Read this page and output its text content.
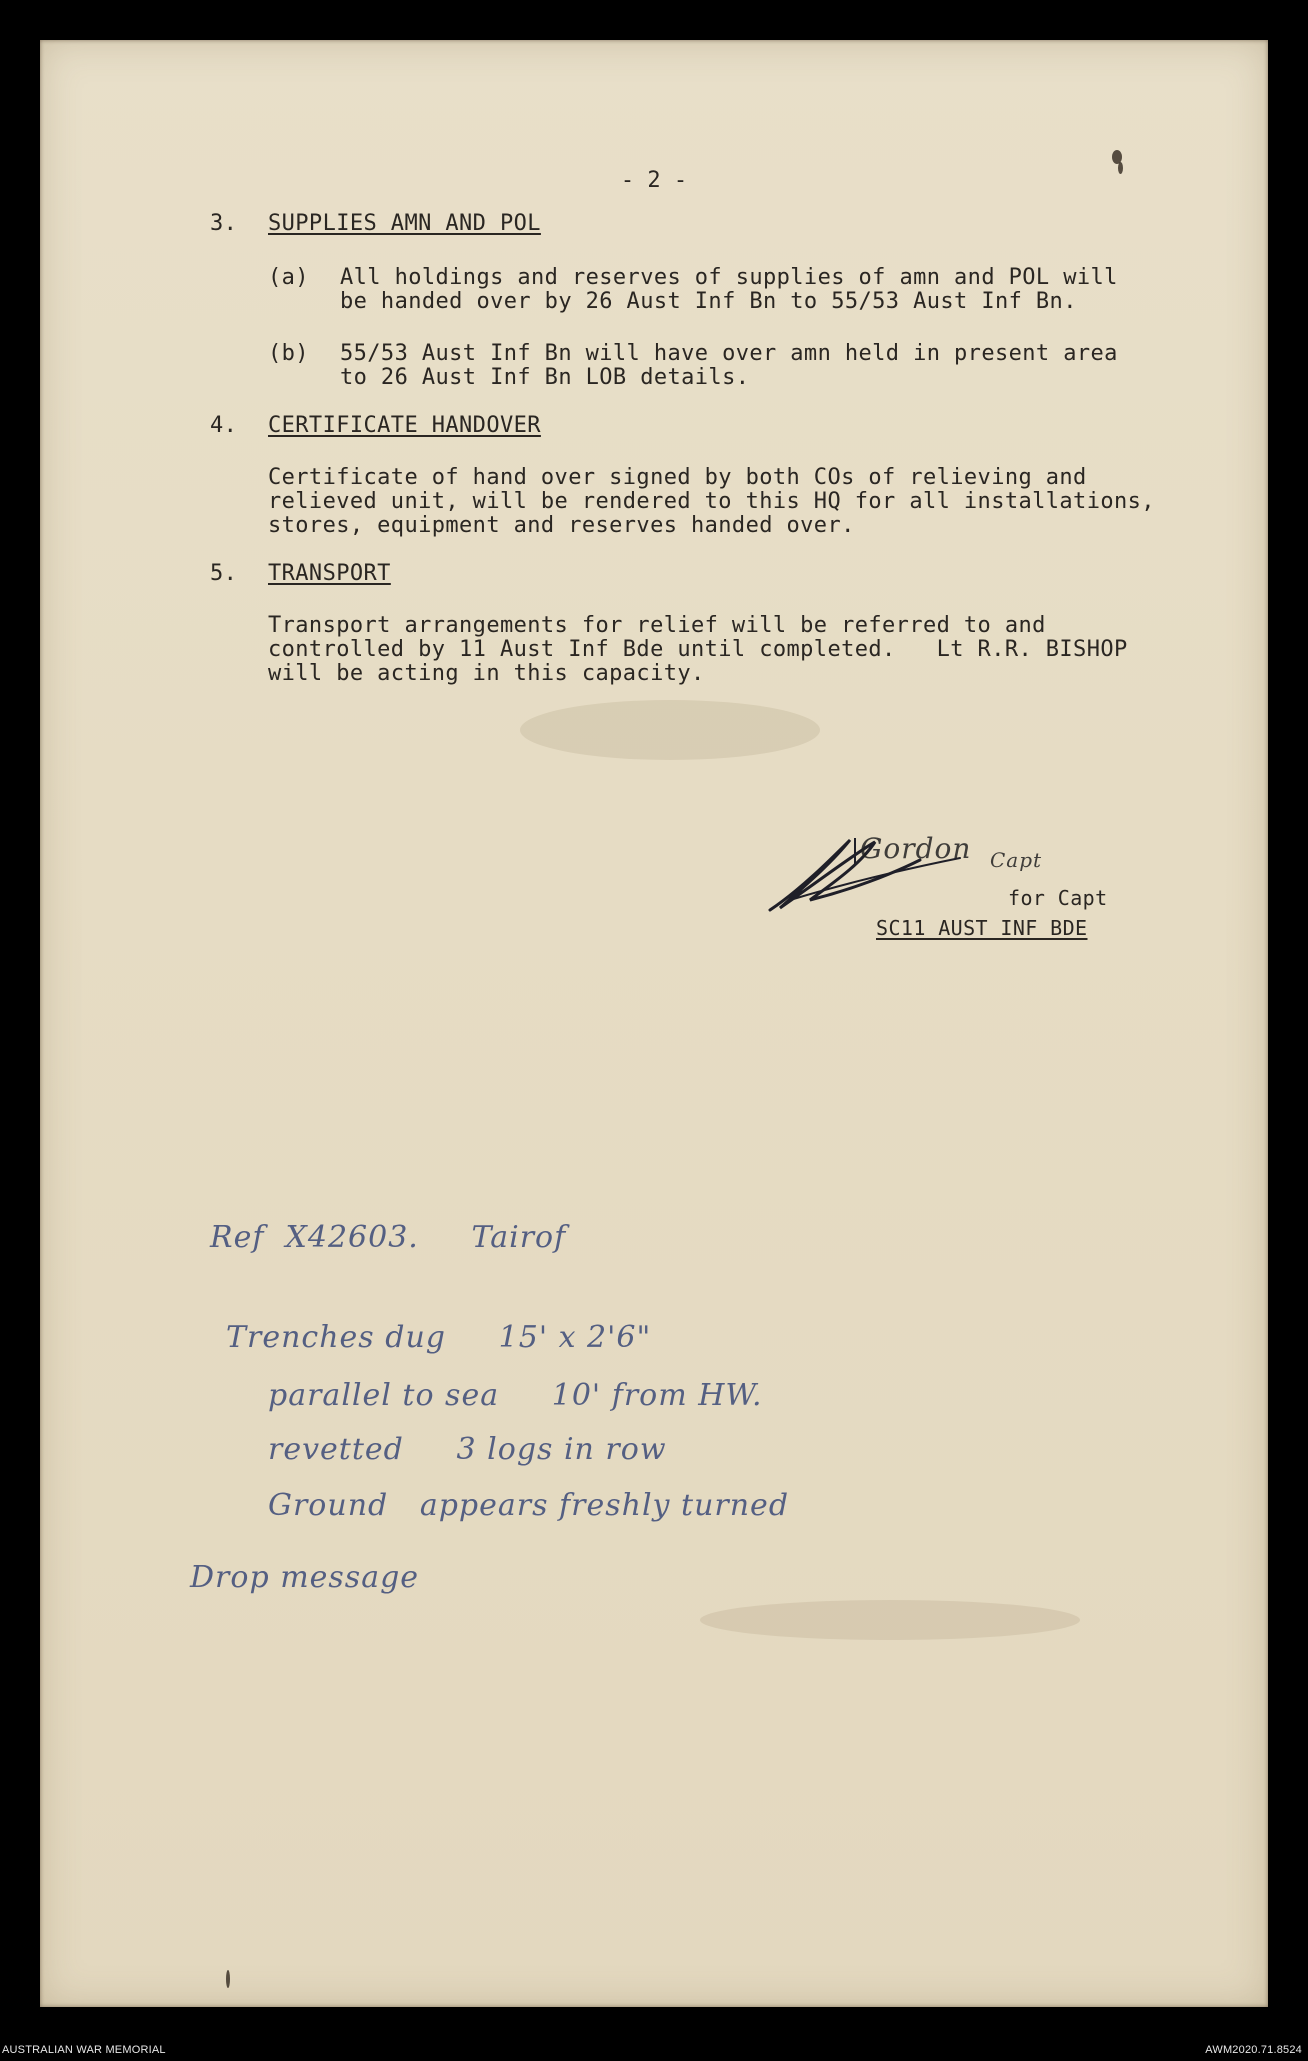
- 2 -
3. SUPPLIES AMN AND POL
(a) All holdings and reserves of supplies of amn and POL will
be handed over by 26 Aust Inf Bn to 55/53 Aust Inf Bn.
(b) 55/53 Aust Inf Bn will have over amn held in present area
to 26 Aust Inf Bn LOB details.
4. CERTIFICATE HANDOVER
Certificate of hand over signed by both COs of relieving and
relieved unit, will be rendered to this HQ for all installations,
stores, equipment and reserves handed over.
5. TRANSPORT
Transport arrangements for relief will be referred to and
controlled by 11 Aust Inf Bde until completed.   Lt R.R. BISHOP
will be acting in this capacity.
Gordon Capt
for Capt
SC11 AUST INF BDE
Ref  X42603.     Tairof
Trenches dug     15' x 2'6"
parallel to sea     10' from HW.
revetted     3 logs in row
Ground   appears freshly turned
Drop message
AUSTRALIAN WAR MEMORIAL	AWM2020.71.8524
